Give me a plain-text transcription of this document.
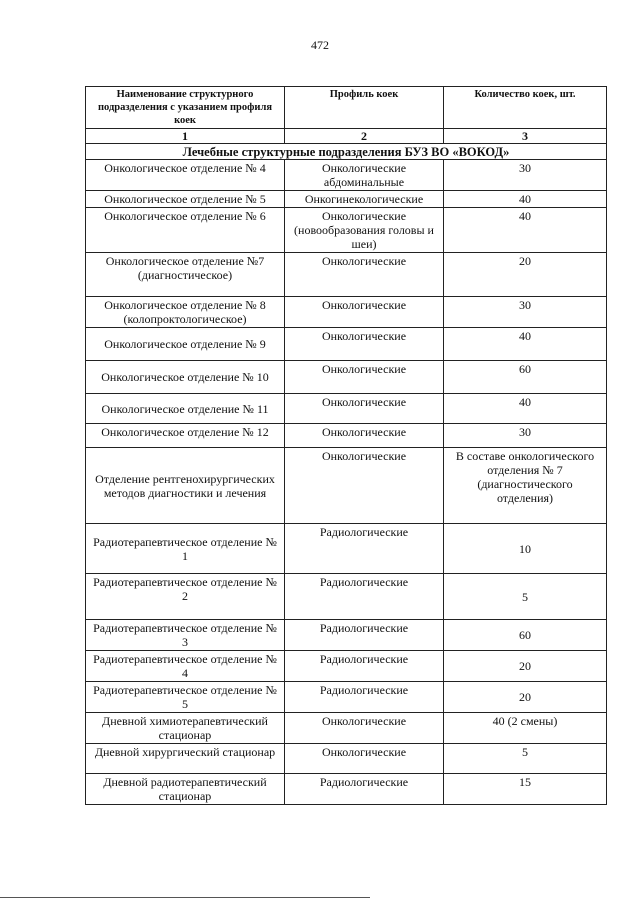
472
Наименование структурного подразделения с указанием профиля коек	Профиль коек	Количество коек, шт.
1	2	3
Лечебные структурные подразделения БУЗ ВО «ВОКОД»		
Онкологическое отделение № 4	Онкологические абдоминальные	30
Онкологическое отделение № 5	Онкогинекологические	40
Онкологическое отделение № 6	Онкологические (новообразования головы и шеи)	40
Онкологическое отделение №7 (диагностическое)	Онкологические	20
Онкологическое отделение № 8 (колопроктологическое)	Онкологические	30
Онкологическое отделение № 9	Онкологические	40
Онкологическое отделение № 10	Онкологические	60
Онкологическое отделение № 11	Онкологические	40
Онкологическое отделение № 12	Онкологические	30
Отделение рентгенохирургических методов диагностики и лечения	Онкологические	В составе онкологического отделения № 7 (диагностического отделения)
Радиотерапевтическое отделение № 1	Радиологические	10
Радиотерапевтическое отделение № 2	Радиологические	5
Радиотерапевтическое отделение № 3	Радиологические	60
Радиотерапевтическое отделение № 4	Радиологические	20
Радиотерапевтическое отделение № 5	Радиологические	20
Дневной химиотерапевтический стационар	Онкологические	40 (2 смены)
Дневной хирургический стационар	Онкологические	5
Дневной радиотерапевтический стационар	Радиологические	15
